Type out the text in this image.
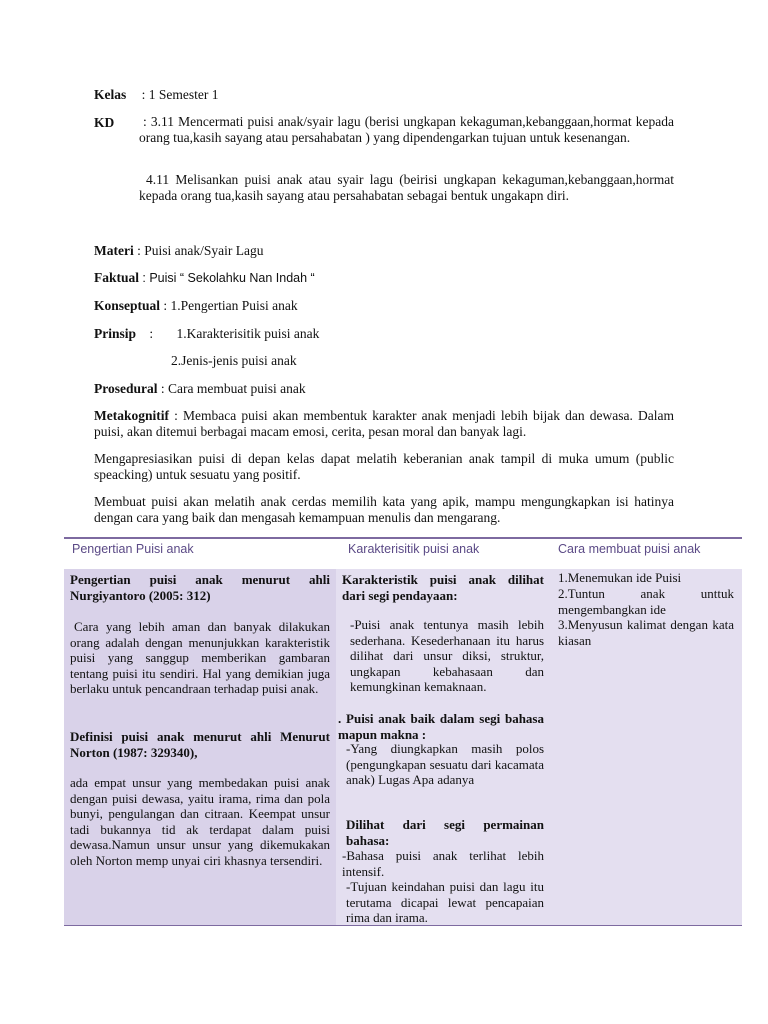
Kelas : 1 Semester 1
KD : 3.11 Mencermati puisi anak/syair lagu (berisi ungkapan kekaguman,kebanggaan,hormat kepada orang tua,kasih sayang atau persahabatan ) yang dipendengarkan tujuan untuk kesenangan.
4.11 Melisankan puisi anak atau syair lagu (beirisi ungkapan kekaguman,kebanggaan,hormat kepada orang tua,kasih sayang atau persahabatan sebagai bentuk ungakapn diri.
Materi : Puisi anak/Syair Lagu
Faktual : Puisi “ Sekolahku Nan Indah “
Konseptual : 1.Pengertian Puisi anak
Prinsip : 1.Karakterisitik puisi anak
2.Jenis-jenis puisi anak
Prosedural : Cara membuat puisi anak
Metakognitif : Membaca puisi akan membentuk karakter anak menjadi lebih bijak dan dewasa. Dalam puisi, akan ditemui berbagai macam emosi, cerita, pesan moral dan banyak lagi.
Mengapresiasikan puisi di depan kelas dapat melatih keberanian anak tampil di muka umum (public speacking) untuk sesuatu yang positif.
Membuat puisi akan melatih anak cerdas memilih kata yang apik, mampu mengungkapkan isi hatinya dengan cara yang baik dan mengasah kemampuan menulis dan mengarang.
Pengertian Puisi anak	Karakterisitik puisi anak	Cara membuat puisi anak
Pengertian puisi anak menurut ahli Nurgiyantoro (2005: 312)
Cara yang lebih aman dan banyak dilakukan orang adalah dengan menunjukkan karakteristik puisi yang sanggup memberikan gambaran tentang puisi itu sendiri. Hal yang demikian juga berlaku untuk pencandraan terhadap puisi anak.
Definisi puisi anak menurut ahli Menurut Norton (1987: 329340),
ada empat unsur yang membedakan puisi anak dengan puisi dewasa, yaitu irama, rima dan pola bunyi, pengulangan dan citraan. Keempat unsur tadi bukannya tid ak terdapat dalam puisi dewasa.Namun unsur unsur yang dikemukakan oleh Norton memp unyai ciri khasnya tersendiri.
Karakteristik puisi anak dilihat dari segi pendayaan:
-Puisi anak tentunya masih lebih sederhana. Kesederhanaan itu harus dilihat dari unsur diksi, struktur, ungkapan kebahasaan dan kemungkinan kemaknaan.
. Puisi anak baik dalam segi bahasa mapun makna :
-Yang diungkapkan masih polos (pengungkapan sesuatu dari kacamata anak) Lugas Apa adanya
Dilihat dari segi permainan bahasa:
-Bahasa puisi anak terlihat lebih intensif.
-Tujuan keindahan puisi dan lagu itu terutama dicapai lewat pencapaian rima dan irama.
1.Menemukan ide Puisi
2.Tuntun anak unttuk mengembangkan ide
3.Menyusun kalimat dengan kata kiasan
